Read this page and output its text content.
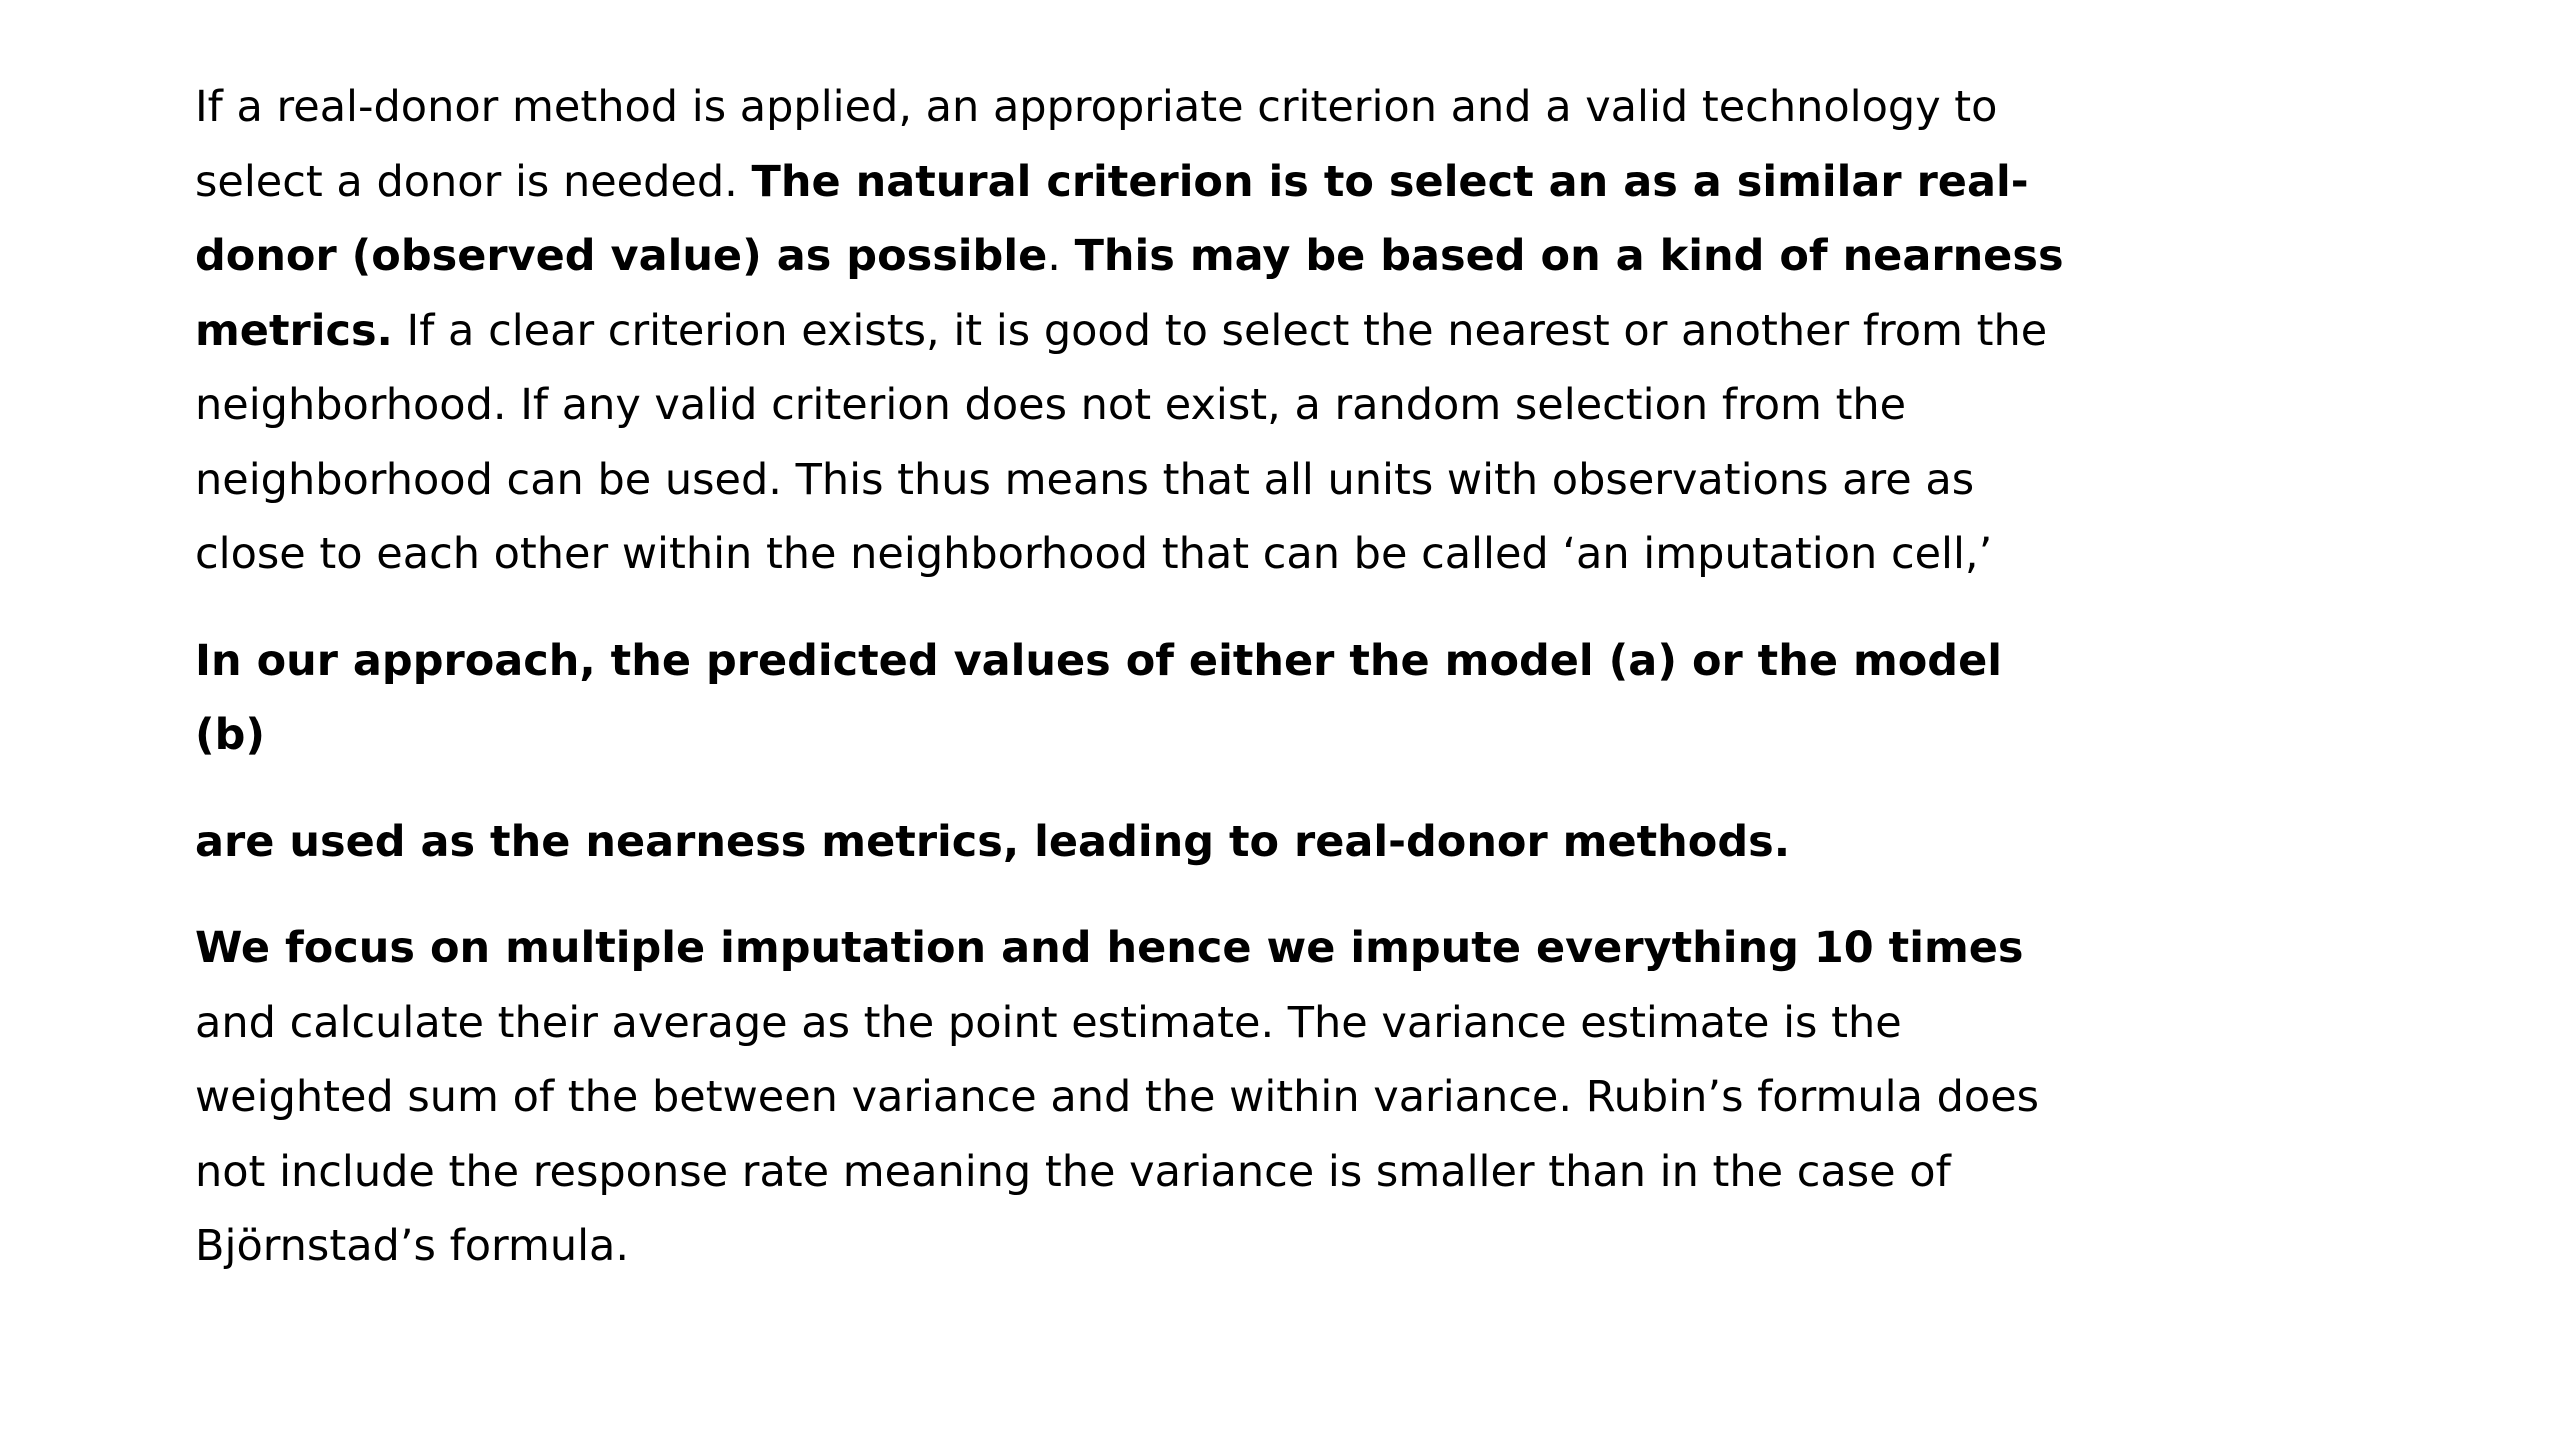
If a real-donor method is applied, an appropriate criterion and a valid technology to select a donor is needed. The natural criterion is to select an as a similar real-donor (observed value) as possible. This may be based on a kind of nearness metrics. If a clear criterion exists, it is good to select the nearest or another from the neighborhood. If any valid criterion does not exist, a random selection from the neighborhood can be used. This thus means that all units with observations are as close to each other within the neighborhood that can be called ‘an imputation cell,’

In our approach, the predicted values of either the model (a) or the model (b)

are used as the nearness metrics, leading to real-donor methods.

We focus on multiple imputation and hence we impute everything 10 times and calculate their average as the point estimate. The variance estimate is the weighted sum of the between variance and the within variance. Rubin’s formula does not include the response rate meaning the variance is smaller than in the case of Björnstad’s formula.
